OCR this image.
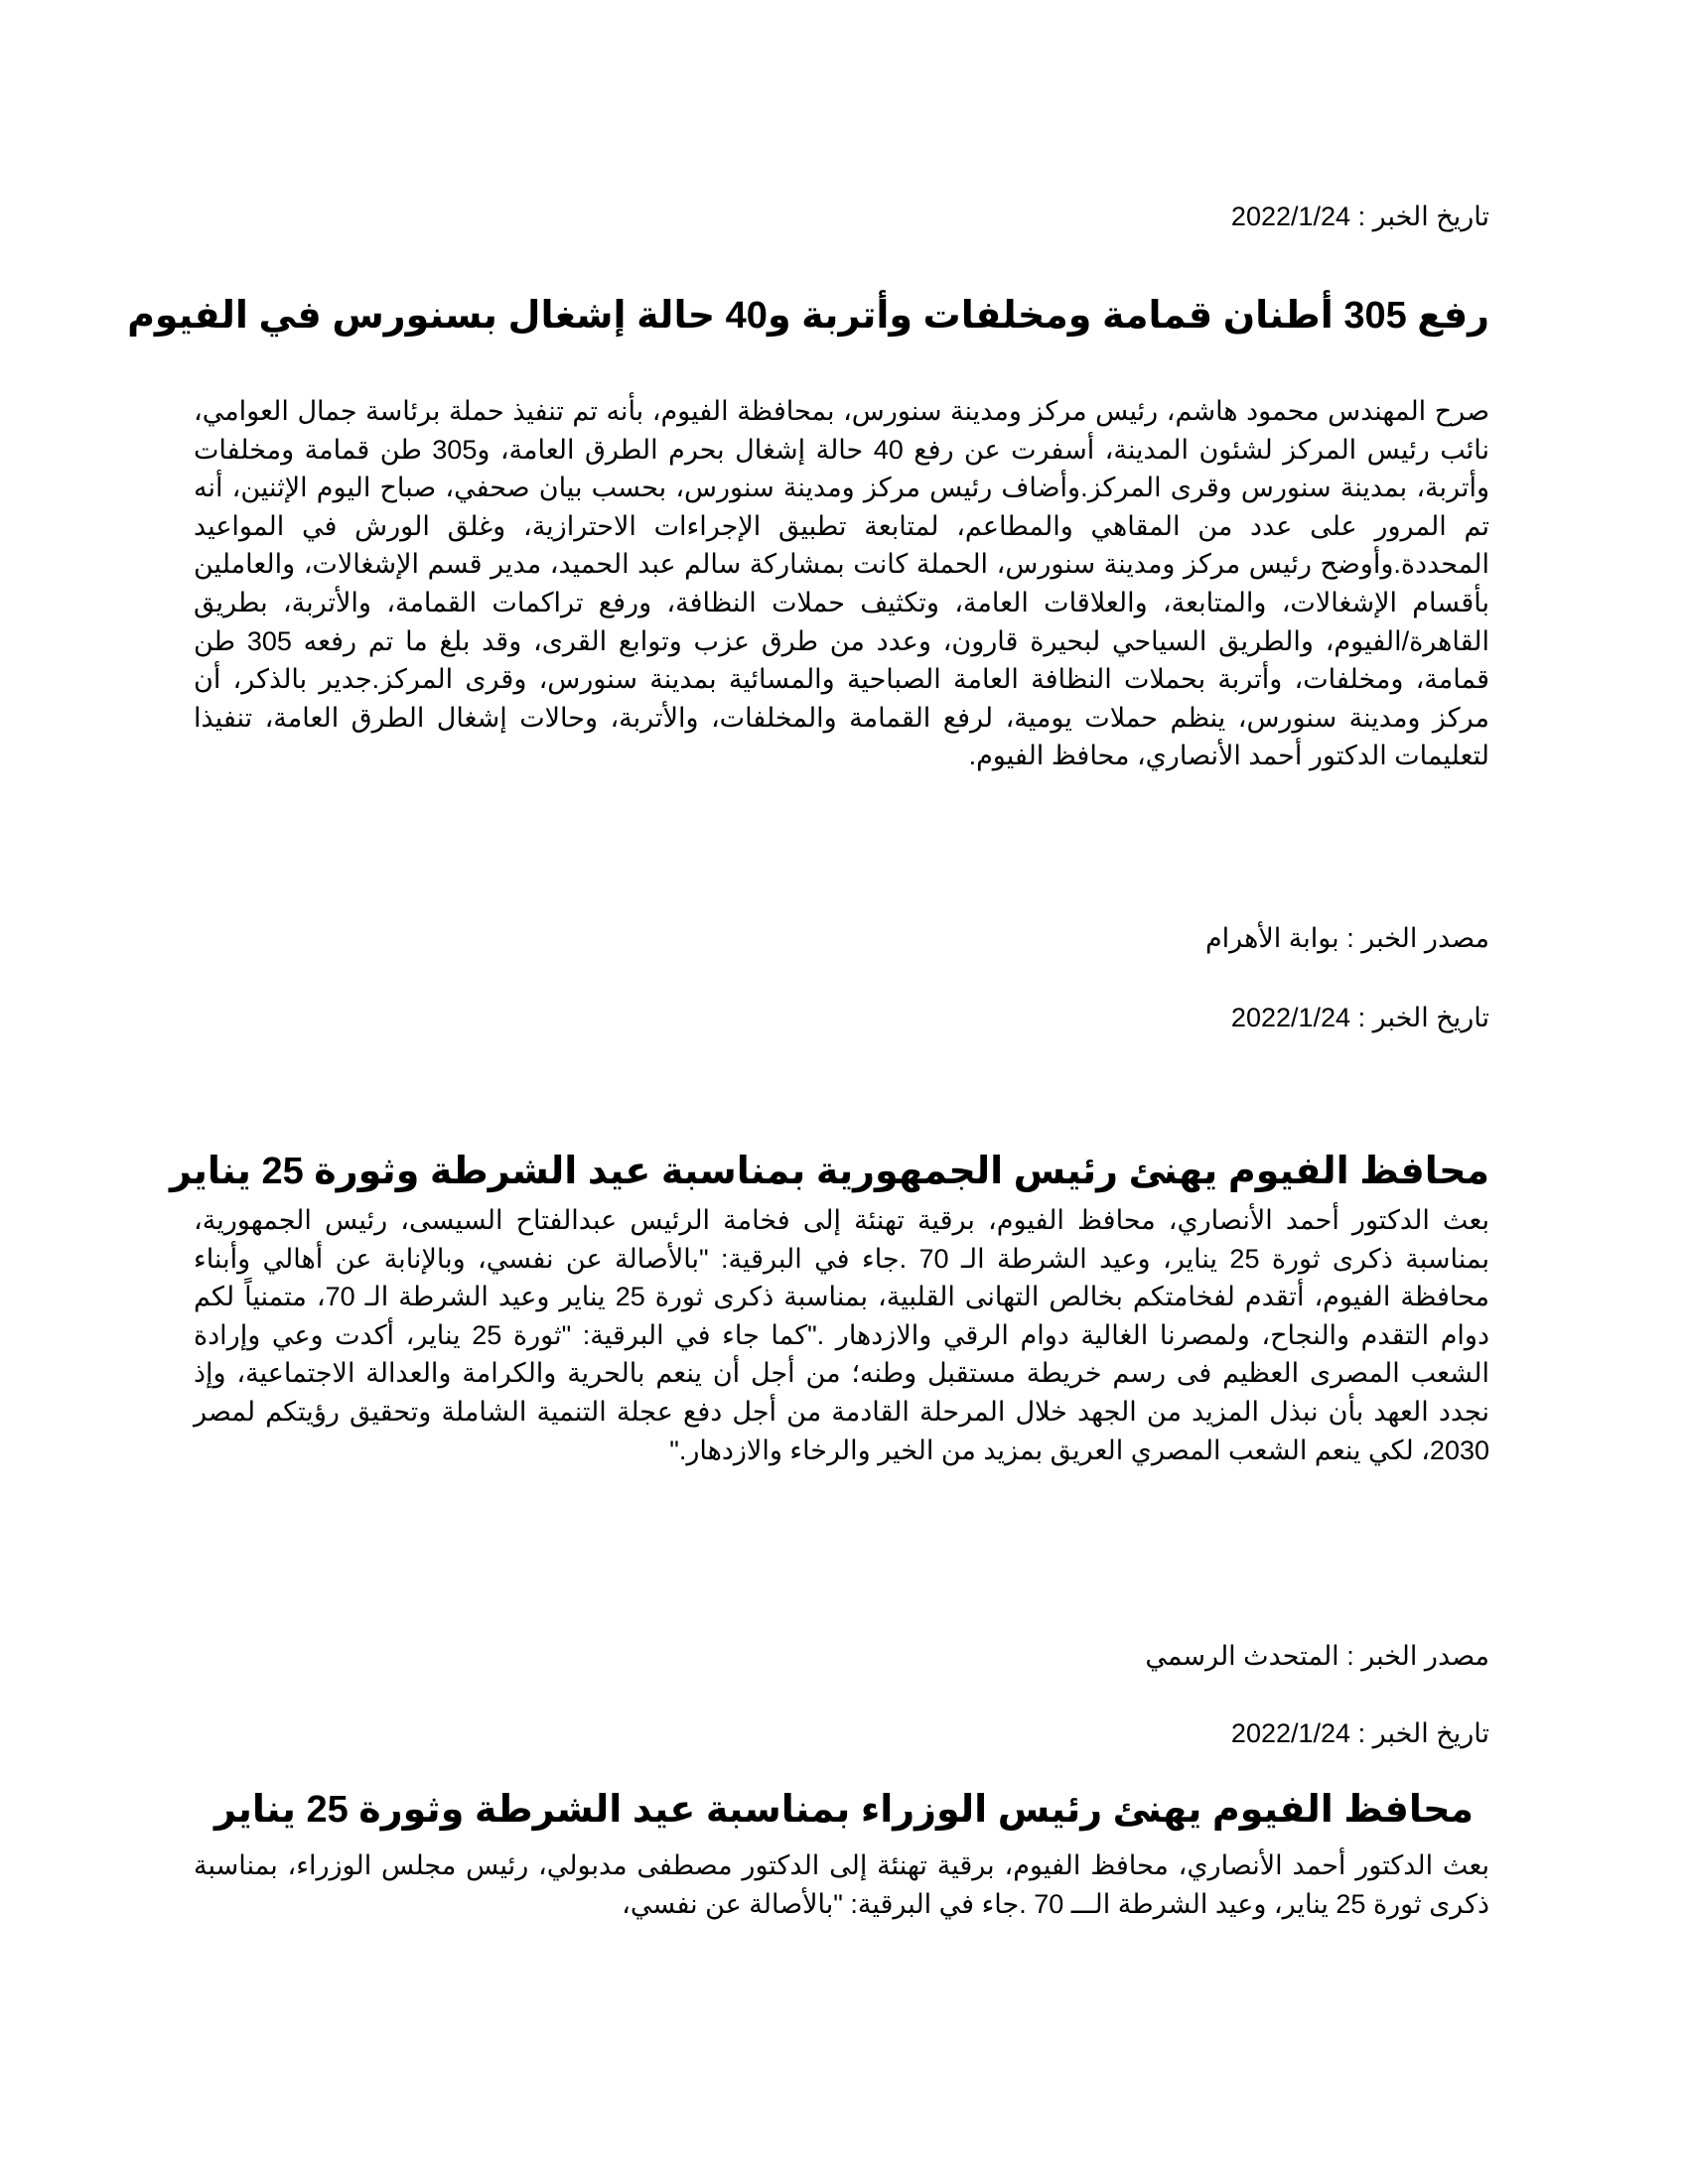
تاريخ الخبر : 2022/1/24
رفع 305 أطنان قمامة ومخلفات وأتربة و40 حالة إشغال بسنورس في الفيوم
صرح المهندس محمود هاشم، رئيس مركز ومدينة سنورس، بمحافظة الفيوم، بأنه تم تنفيذ حملة برئاسة جمال العوامي، نائب رئيس المركز لشئون المدينة، أسفرت عن رفع 40 حالة إشغال بحرم الطرق العامة، و305 طن قمامة ومخلفات وأتربة، بمدينة سنورس وقرى المركز.وأضاف رئيس مركز ومدينة سنورس، بحسب بيان صحفي، صباح اليوم الإثنين، أنه تم المرور على عدد من المقاهي والمطاعم، لمتابعة تطبيق الإجراءات الاحترازية، وغلق الورش في المواعيد المحددة.وأوضح رئيس مركز ومدينة سنورس، الحملة كانت بمشاركة سالم عبد الحميد، مدير قسم الإشغالات، والعاملين بأقسام الإشغالات، والمتابعة، والعلاقات العامة، وتكثيف حملات النظافة، ورفع تراكمات القمامة، والأتربة، بطريق القاهرة/الفيوم، والطريق السياحي لبحيرة قارون، وعدد من طرق عزب وتوابع القرى، وقد بلغ ما تم رفعه 305 طن قمامة، ومخلفات، وأتربة بحملات النظافة العامة الصباحية والمسائية بمدينة سنورس، وقرى المركز.جدير بالذكر، أن مركز ومدينة سنورس، ينظم حملات يومية، لرفع القمامة والمخلفات، والأتربة، وحالات إشغال الطرق العامة، تنفيذا لتعليمات الدكتور أحمد الأنصاري، محافظ الفيوم.
مصدر الخبر : بوابة الأهرام
تاريخ الخبر : 2022/1/24
محافظ الفيوم يهنئ رئيس الجمهورية بمناسبة عيد الشرطة وثورة 25 يناير
بعث الدكتور أحمد الأنصاري، محافظ الفيوم، برقية تهنئة إلى فخامة الرئيس عبدالفتاح السيسى، رئيس الجمهورية، بمناسبة ذكرى ثورة 25 يناير، وعيد الشرطة الـ 70 .جاء في البرقية: "بالأصالة عن نفسي، وبالإنابة عن أهالي وأبناء محافظة الفيوم، أتقدم لفخامتكم بخالص التهانى القلبية، بمناسبة ذكرى ثورة 25 يناير وعيد الشرطة الـ 70، متمنياً لكم دوام التقدم والنجاح، ولمصرنا الغالية دوام الرقي والازدهار ."كما جاء في البرقية: "ثورة 25 يناير، أكدت وعي وإرادة الشعب المصرى العظيم فى رسم خريطة مستقبل وطنه؛ من أجل أن ينعم بالحرية والكرامة والعدالة الاجتماعية، وإذ نجدد العهد بأن نبذل المزيد من الجهد خلال المرحلة القادمة من أجل دفع عجلة التنمية الشاملة وتحقيق رؤيتكم لمصر 2030، لكي ينعم الشعب المصري العريق بمزيد من الخير والرخاء والازدهار."
مصدر الخبر : المتحدث الرسمي
تاريخ الخبر : 2022/1/24
محافظ الفيوم يهنئ رئيس الوزراء بمناسبة عيد الشرطة وثورة 25 يناير
بعث الدكتور أحمد الأنصاري، محافظ الفيوم، برقية تهنئة إلى الدكتور مصطفى مدبولي، رئيس مجلس الوزراء، بمناسبة ذكرى ثورة 25 يناير، وعيد الشرطة الـــ 70 .جاء في البرقية: "بالأصالة عن نفسي،
